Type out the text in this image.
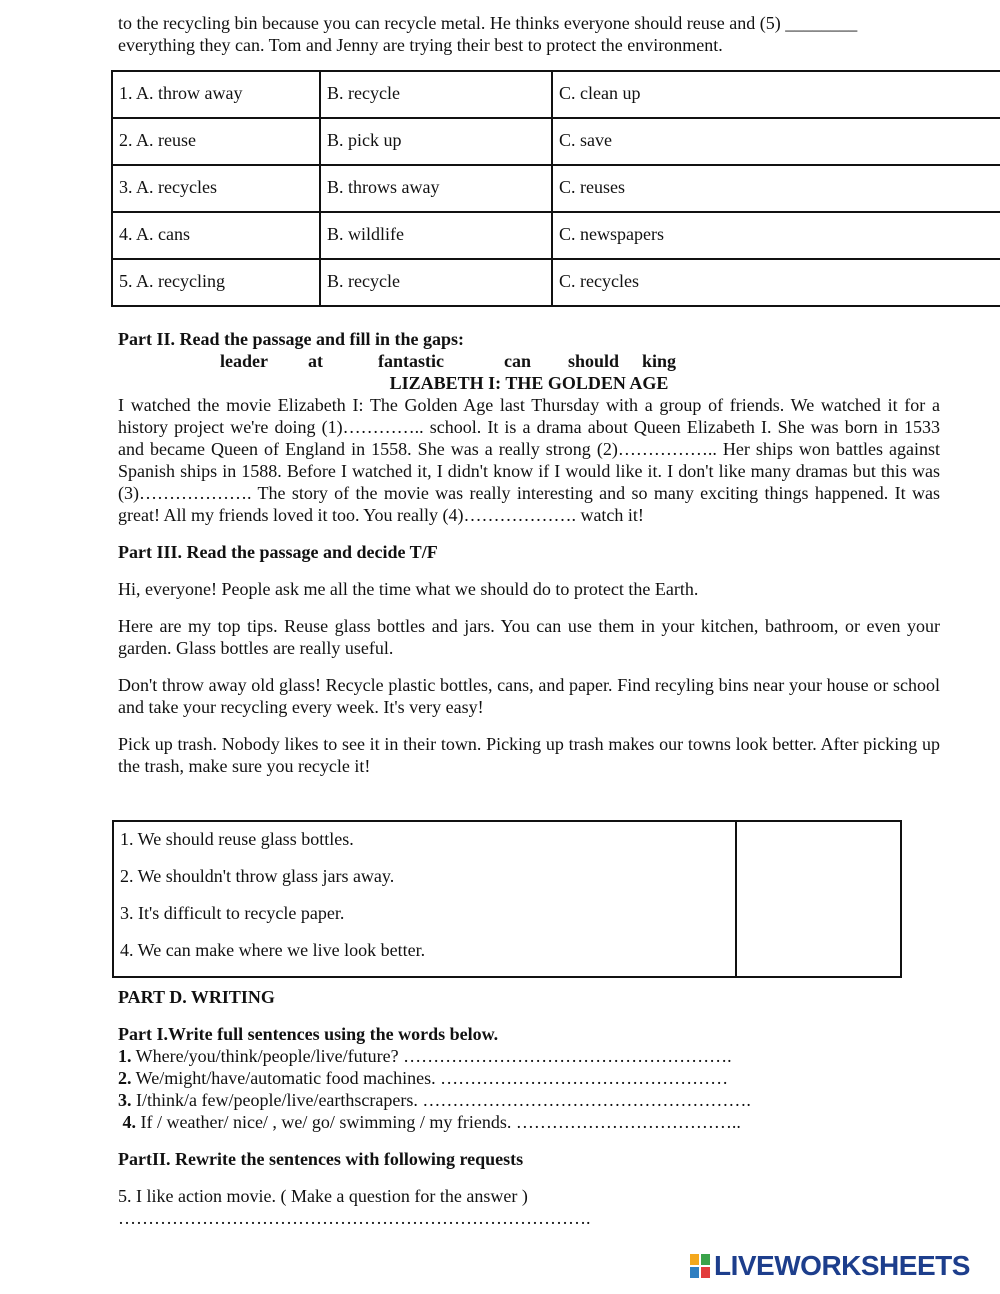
to the recycling bin because you can recycle metal. He thinks everyone should reuse and (5) ________

everything they can. Tom and Jenny are trying their best to protect the environment.

1. A. throw away	B. recycle	C. clean up
2. A. reuse	B. pick up	C. save
3. A. recycles	B. throws away	C. reuses
4. A. cans	B. wildlife	C. newspapers
5. A. recycling	B. recycle	C. recycles

Part II. Read the passage and fill in the gaps:

leader at	fantastic	can should king

LIZABETH I: THE GOLDEN AGE

I watched the movie Elizabeth I: The Golden Age last Thursday with a group of friends. We watched it for a history project we're doing (1)………….. school. It is a drama about Queen Elizabeth I. She was born in 1533 and became Queen of England in 1558. She was a really strong (2)…………….. Her ships won battles against Spanish ships in 1588. Before I watched it, I didn't know if I would like it. I don't like many dramas but this was (3)………………. The story of the movie was really interesting and so many exciting things happened. It was great! All my friends loved it too. You really (4)………………. watch it!

Part III. Read the passage and decide T/F

Hi, everyone! People ask me all the time what we should do to protect the Earth.

Here are my top tips. Reuse glass bottles and jars. You can use them in your kitchen, bathroom, or even your garden. Glass bottles are really useful.

Don't throw away old glass! Recycle plastic bottles, cans, and paper. Find recyling bins near your house or school and take your recycling every week. It's very easy!

Pick up trash. Nobody likes to see it in their town. Picking up trash makes our towns look better. After picking up the trash, make sure you recycle it!

1. We should reuse glass bottles.
2. We shouldn't throw glass jars away.
3. It's difficult to recycle paper.
4. We can make where we live look better.

PART D. WRITING

Part I.Write full sentences using the words below.

1. Where/you/think/people/live/future? ……………………………………………….

2. We/might/have/automatic food machines. …………………………………………

3. I/think/a few/people/live/earthscrapers. ……………………………………………….

4. If / weather/ nice/ , we/ go/ swimming / my friends. ………………………………..

PartII. Rewrite the sentences with following requests

5. I like action movie. ( Make a question for the answer )

…………………………………………………………………….

LIVEWORKSHEETS
